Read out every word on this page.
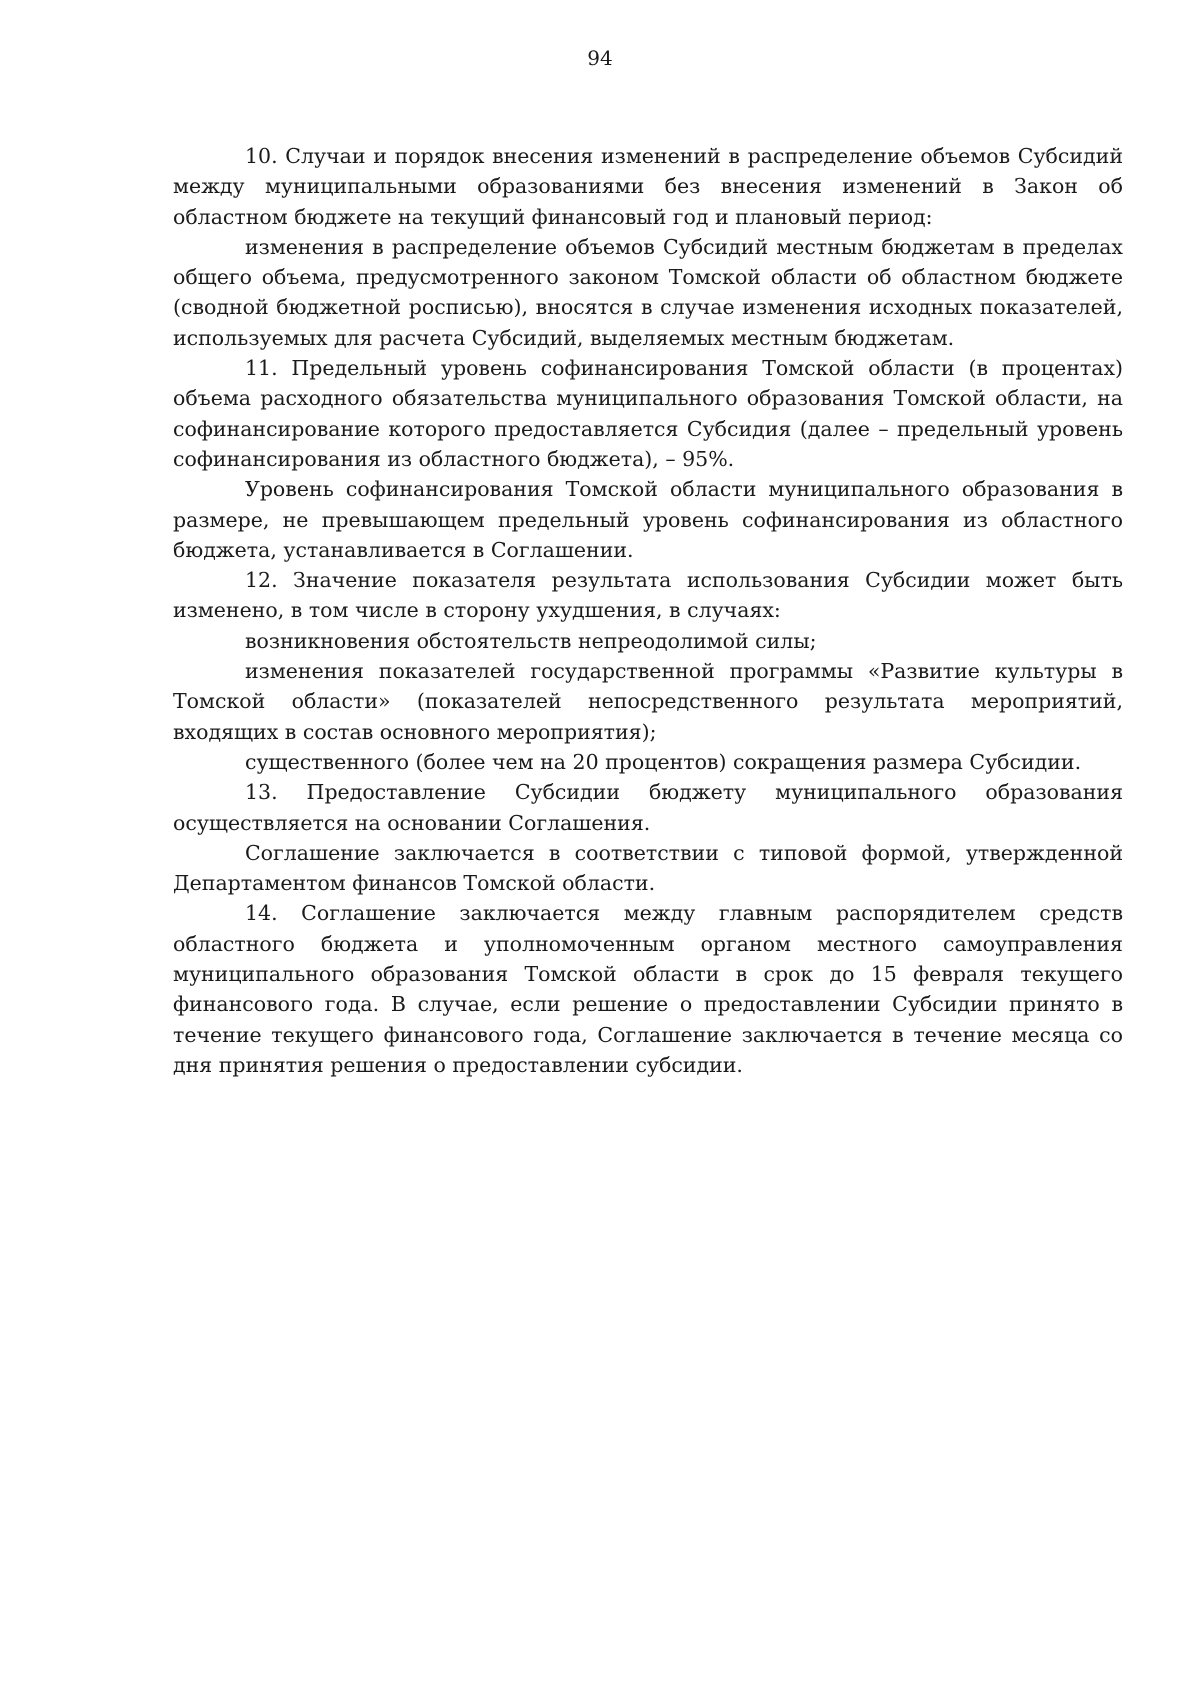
94

10. Случаи и порядок внесения изменений в распределение объемов Субсидий между муниципальными образованиями без внесения изменений в Закон об областном бюджете на текущий финансовый год и плановый период:

изменения в распределение объемов Субсидий местным бюджетам в пределах общего объема, предусмотренного законом Томской области об областном бюджете (сводной бюджетной росписью), вносятся в случае изменения исходных показателей, используемых для расчета Субсидий, выделяемых местным бюджетам.

11. Предельный уровень софинансирования Томской области (в процентах) объема расходного обязательства муниципального образования Томской области, на софинансирование которого предоставляется Субсидия (далее – предельный уровень софинансирования из областного бюджета), – 95%.

Уровень софинансирования Томской области муниципального образования в размере, не превышающем предельный уровень софинансирования из областного бюджета, устанавливается в Соглашении.

12. Значение показателя результата использования Субсидии может быть изменено, в том числе в сторону ухудшения, в случаях:

возникновения обстоятельств непреодолимой силы;

изменения показателей государственной программы «Развитие культуры в Томской области» (показателей непосредственного результата мероприятий, входящих в состав основного мероприятия);

существенного (более чем на 20 процентов) сокращения размера Субсидии.

13. Предоставление Субсидии бюджету муниципального образования осуществляется на основании Соглашения.

Соглашение заключается в соответствии с типовой формой, утвержденной Департаментом финансов Томской области.

14. Соглашение заключается между главным распорядителем средств областного бюджета и уполномоченным органом местного самоуправления муниципального образования Томской области в срок до 15 февраля текущего финансового года. В случае, если решение о предоставлении Субсидии принято в течение текущего финансового года, Соглашение заключается в течение месяца со дня принятия решения о предоставлении субсидии.
